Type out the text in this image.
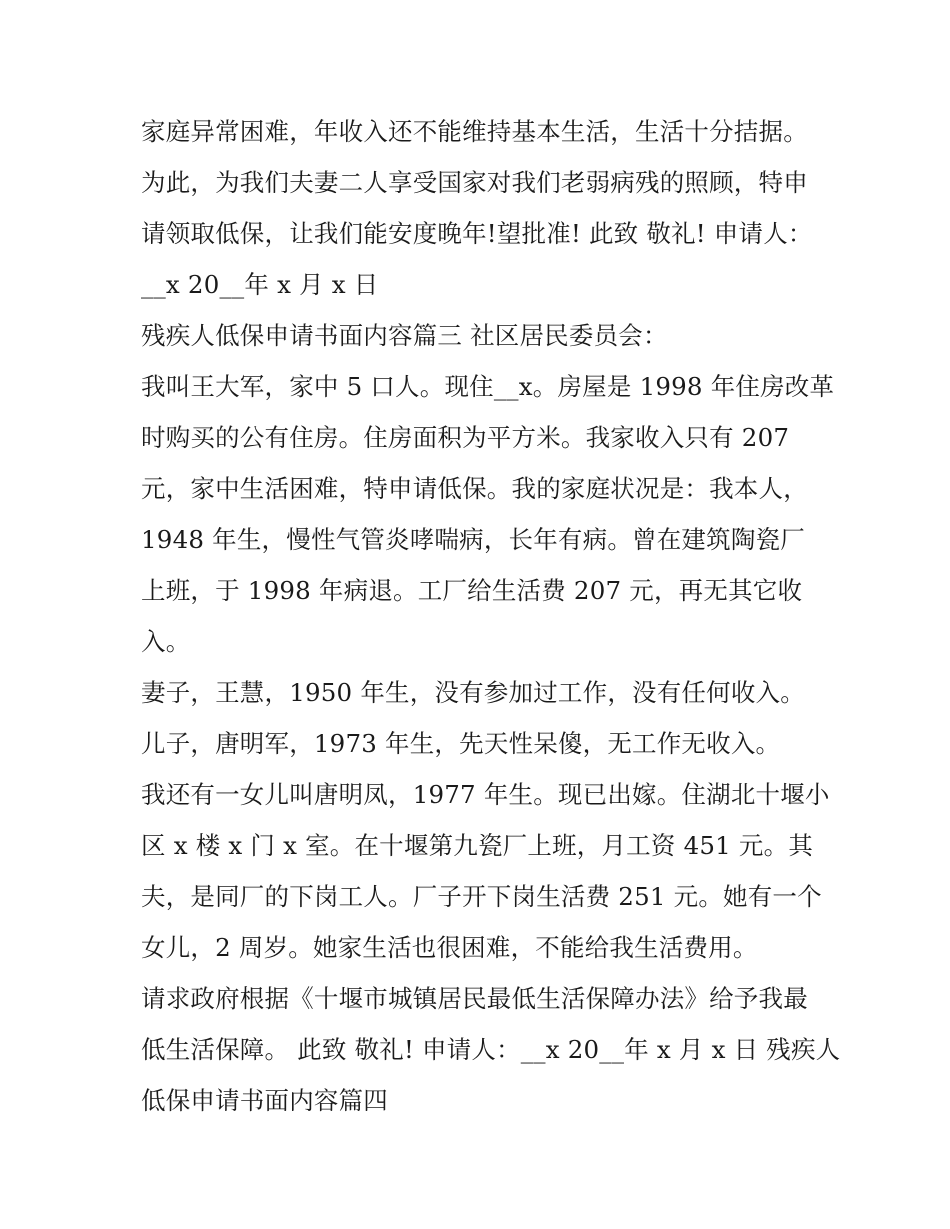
家庭异常困难，年收入还不能维持基本生活，生活十分拮据。
为此，为我们夫妻二人享受国家对我们老弱病残的照顾，特申
请领取低保，让我们能安度晚年!望批准! 此致 敬礼! 申请人：
__x 20__年 x 月 x 日
残疾人低保申请书面内容篇三 社区居民委员会：
我叫王大军，家中 5 口人。现住__x。房屋是 1998 年住房改革
时购买的公有住房。住房面积为平方米。我家收入只有 207
元，家中生活困难，特申请低保。我的家庭状况是：我本人，
1948 年生，慢性气管炎哮喘病，长年有病。曾在建筑陶瓷厂
上班，于 1998 年病退。工厂给生活费 207 元，再无其它收
入。
妻子，王慧，1950 年生，没有参加过工作，没有任何收入。
儿子，唐明军，1973 年生，先天性呆傻，无工作无收入。
我还有一女儿叫唐明凤，1977 年生。现已出嫁。住湖北十堰小
区 x 楼 x 门 x 室。在十堰第九瓷厂上班，月工资 451 元。其
夫，是同厂的下岗工人。厂子开下岗生活费 251 元。她有一个
女儿，2 周岁。她家生活也很困难，不能给我生活费用。
请求政府根据《十堰市城镇居民最低生活保障办法》给予我最
低生活保障。 此致 敬礼! 申请人：__x 20__年 x 月 x 日 残疾人
低保申请书面内容篇四
